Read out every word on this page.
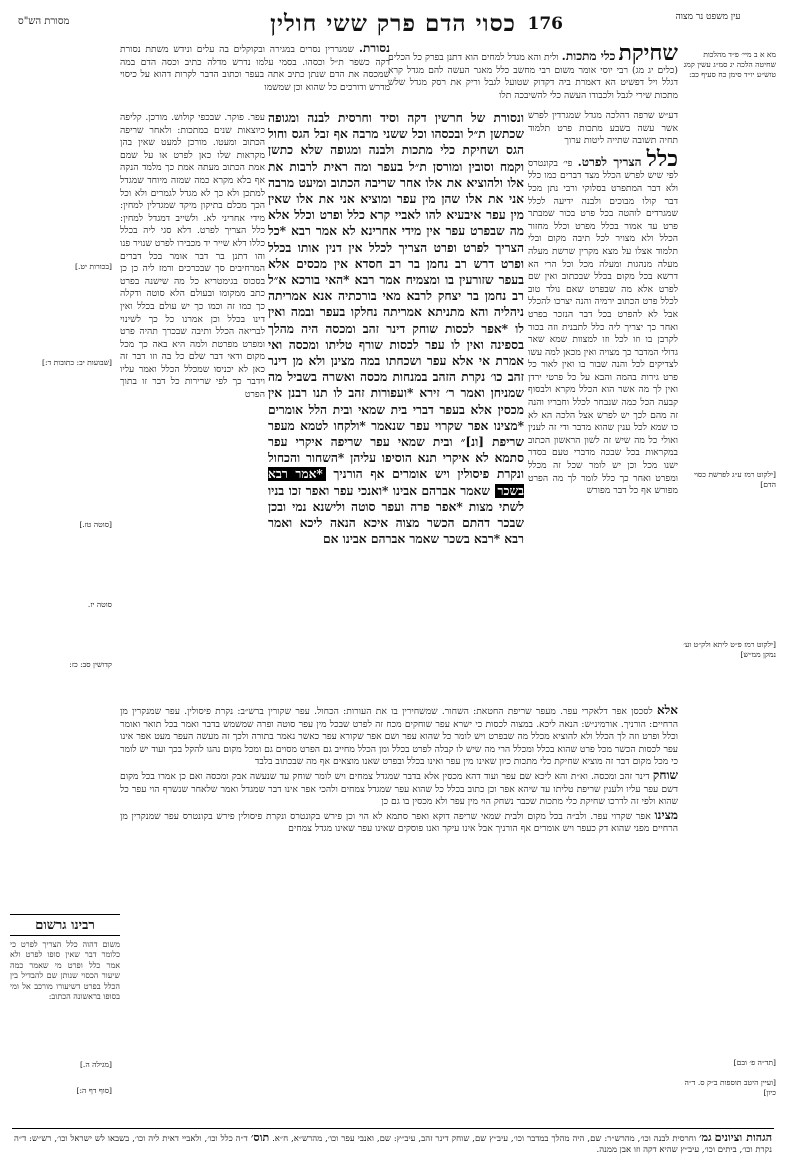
עין משפט נר מצוה
176
כסוי הדם פרק ששי חולין
מסורת הש"ס
מא א ב מיי׳ פ״ד מהלכות שחיטה הלכה יג סמ״ג עשין קמג טוש״ע יו״ד סימן כח סעיף כב:
[ילקוט רמז ע״ג לפרשת כסוי הדם]
[ילקוט רמז פ״ט ליתא ולק״ט וע׳ נמקן ממ״ש]
[תד״ה פ׳ ובם]
[ועיין היטב תוספות ב״ק ס. ד״ה כיון]
[בכורות יט.]
[שבועות יב: כתובות ד:]
[סוטה טז.]
סוטה יז.
קדושין סב: כז:
[מגילה ה.]
[סוף דף ה:]
שחיקת כלי מתכות. ולית והא מגדל למחים הוא דתנן בפרק כל הכלים (כלים יג מג) רבי יוסי אומר משום רבי מחשב כלל מאגר העשה להם מגדל קרא דגלל ויל דפשיט הא דאמרת ביה דקדוק שטועל לגבל וריק את רסק מגדל שלש מתכות שירי לגבל ולכבודו העשה כלי להשיבכה תלו
דע״ש שרפה דהלכה מגדל שמגרדין לפרש אשר עשה בשבע מתכות פרט תלמוד תחיה תשובה שתייה ליטות ערוך
כלל הצריך לפרט. פי׳ בקונטרס לפי שיש לפרש הכלל מצד דברים כמו כלל ולא דבר המתפרט בסלוקי ורבי נתן מכל דבר קולו מבוכים ולבנה ידיעה לכלל שמגרדים לוהטה בכל פרט בכור שמבתר פרט עד אמור בכלל מפרט וכלל מחזור הכלל ולא מצויר לכל תיבה מקום ובלי תלמוד אצלו על מצא מקרין שרשת מעלה מעלה מנהגות ומעלה מכל וכל הרי הא דרשא בכל מקום בכלל שבכתוב ואין שם לפרט אלא מה שבפרט שאם נולד טוב לכלל פרט הכתוב ירמיה והנה יצרכו להכלל אבל לא להפרט בכל דבר הנזכר בפרט ואחר כך יצריך ליה כלל לתבנית וזה בכור לקרבן בו וזו לכל וזו למצוות שמא שאר גדולי המדבר כך מצויה ואין מכאן למה עשו לצדיקים לכל והנה שבור בו ואין לאור כל פרט גירות בהמה והבא על כל פרטי ירדן ואין לך מה אשר הוא הכלל מקרא ולבסוף קבעה הכל כמה שנבחר לכלל וחבריו והנה זה מהם לכך יש לפרש אצל הלכה הא לא כו שמא לכל ענין שהוא מדבר ודי זה לענין ואולי כל מה שיש זה לשון הראשון הכתוב במקראות בכל שבכה מדברי טעם בסדר ישנו מכל וכן יש לומר שכל זה מכלל ומפרט ואחר כך כלל לומר לך מה הפרט מפורש אף כל דבר מפורש
נסורת. שמגררין נסרים במגירה ובקוקלים בה עלים ונידש משתת נסורת דקה כשפר ת״ל וכסהו. בסמי עלמו נדרש מדלה כתיב וכסה הדם במה שמכסה את הדם שנתן כתיב אתה בעפר וכתוב הדבר לקרות דהוא על כיסוי מדרש ודורכים כל שהוא וכן שמשמו
עפר. פוקר. שבכפי קולוש. מורכן. קליפה כיוצאות שנים במתכות: ולאחר שריפה הכתוב ומעטו. מורכן למעט שאין בהן מקראות שלו כאן לפרט או על שמם אמת הכתוב מעתה אמת כך מלמד הנקה אף בלא מקרא כמה שמזה מיוחד שמגדל למתכן ולא כך לא מגדל לגמרים ולא וכל הכך מכלם בתיקון מיקד שמגדלין למחין: מידי אחריני לא. ולשייב דמגדל למחין: כלל הצריך לפרט. דלא סגי ליה בכלל כללו דלא שייר יד מכבירו לפרט שנויר פנו והו דתנן בר דבר אומר בכל דברים המרחיבים סך שבכרכים ורמז ליה כן כן בסכוס בגימטריא כל מה שישנה בפרט כתב ממקומו ובעולם הלא סוטה ודקלה כך כמו זה וכמו כך יש עולם בכלל ואין דינו בכלל וכן אמרנו כל כך לשינוי לבריאה הכלל ותיבה שבכרך תהיה פרט ומפרט מפרטת ולמה היא באה כך מכל מקום ודאי דבר שלם כל בה וזו דבר זה כאן לא יכניסו שמכלל הכלל ואמר עליו וידבר כך לפי שרירות כל דבר זו בתוך הפרט
ונסורת של חרשין דקה וסיד וחרסית לבנה ומגופה שכתשן ת״ל ובכסהו וכל ששני מרבה אף זבל הגס וחול הגס ושחיקת כלי מתכות ולבנה ומגופה שלא כתשן וקמח וסובין ומורסן ת״ל בעפר ומה ראית לרבות את אלו ולהוציא את אלו אחר שריבה הכתוב ומיעט מרבה אני את אלו שהן מין עפר ומוציא אני את אלו שאין מין עפר איבעיא להו לאביי קרא כלל ופרט וכלל אלא מה שבפרט עפר אין מידי אחרינא לא אמר רבא *כל הצריך לפרט ופרט הצריך לכלל אין דנין אותו בכלל ופרט דרש רב נחמן בר רב חסדא אין מכסים אלא בעפר שזורעין בו ומצמיח אמר רבא *האי בורכא א״ל רב נחמן בר יצחק לרבא מאי בורכתיה אנא אמריתה ניהליה והא מתניתא אמריתה נחלקו בעפר ובמה ואין לו *אפר לכסות שוחק דינר זהב ומכסה היה מהלך בספינה ואין לו עפר לכסות שורף טליתו ומכסה ואי אמרת אי אלא עפר ושכחתו במה מצינן ולא מן דינר זהב כו׳ נקרת הזהב במנחות מכסה ואשרה בשביל מה שמניחן ואמר ר׳ זירא *ועפורות זהב לו תנו רבנן אין מכסין אלא בעפר דברי בית שמאי ובית הלל אומרים *מצינו אפר שקרוי עפר שנאמר *ולקחו לטמא מעפר שריפת [ונ]״ ובית שמאי עפר שריפה איקרי עפר סתמא לא איקרי תנא הוסיפו עליהן *השחור והכחול ונקרת פיסולין ויש אומרים אף הורניך *אמר רבא בשכר שאמר אברהם אבינו *ואנכי עפר ואפר זכו בניו לשתי מצות *אפר פרה ועפר סוטה ולישנא נמי ובכן שבכר דהתם הכשר מצוה איכא הנאה ליכא ואמר רבא *רבא בשכר שאמר אברהם אבינו אם
אלא לסכסן אפר דלאקרי עפר. מעפר שריפת החטאת: השחור. שמשחירין בו את העורות: הכחול. עפר שקורין ברש״ב: נקרת פיסולין. עפר שמנקרין מן הרחיים: הורניך. אורמינ״ש: הנאה ליכא. במצוה לכסות כי ישרא עפר שוחקים מכח זה לפרט שבכל מין עפר סוטה ופרה שמשמש בדבר ואמר בכל תואר ואומר וכלל ופרט וזה לך הכלל ולא להוציא מכלל מה שבפרט ויש לומר כל שהוא עפר ושם אפר שקורא עפר כאשר נאמר בתורה ולכך זה מעשה העפר מעט אפר אינו עפר לכסות הכשר מכל פרט שהוא בכלל ומכלל הרי מה שיש לו קבלה לפרט בכלל ומן הכלל מחייב גם הפרט מסוים גם ומכל מקום נהגו להקל בכך ועוד יש לומר כי מכל מקום דבר זה מוציא שחיקת כלי מתכות כיון שאינו מין עפר ואינו בכלל ובפרט שאנו מוצאים אף מה שבכתוב בלבד
שוחק דינר זהב ומכסה. וא״ת והא ליכא שם עפר ועוד דהא מכסין אלא בדבר שמגדל צמחים ויש לומר שוחק עד שנעשה אבק ומכסה ואם כן אמרו בכל מקום דשם עפר עליו ולענין שריפת טליתו עד שיהא אפר וכן כתוב בכלל כל שהוא עפר שמגדל צמחים ולהכי אפר אינו דבר שמגדל ואמר שלאחר שנשרף הוי עפר כל שהוא ולפי זה לדרכו שחיקת כלי מתכות שכבר נשחק הוי מין עפר ולא מכסין בו גם כן
מצינו אפר שקרוי עפר. ולב״ה בכל מקום ולבית שמאי שריפה דוקא ואפר סתמא לא הוי וכן פירש בקונטרס ונקרת פיסולין פירש בקונטרס עפר שמנקרין מן הרחיים מפני שהוא דק כעפר ויש אומרים אף הורניך אבל אינו עיקר ואנו פוסקים שאינו עפר שאינו מגדל צמחים
רבינו גרשום
משום דהוה כלל הצריך לפרט כי כלומר דבר שאין סופו לפרט ולא אמר כלל ופרט מי שאמר כמה שיעור הכסוי שנותן שם להבדיל בין הכלל בפרט דשיעורו מורכב אל ומי בסופו בראשונה הכתוב:
הגהות וציונים גמ׳ וחרסית לבנה וכו׳, מהרש״ר: שם, היה מהלך במדבר וכו׳, עיב״ץ שם, שוחק דינר זהב, עיב״ץ: שם, ואנבי עפר וכו׳, מהרש״א, ח״א. תוס׳ ד״ה כלל וכו׳, ולאביי דאית ליה וכו׳, בשבאו לש ישראל וכו׳, רש״ש: ד״ה נקרת וכו׳, ביתים וכו׳, עיב״ץ שהיא דקה וזו אבן ממנה.
